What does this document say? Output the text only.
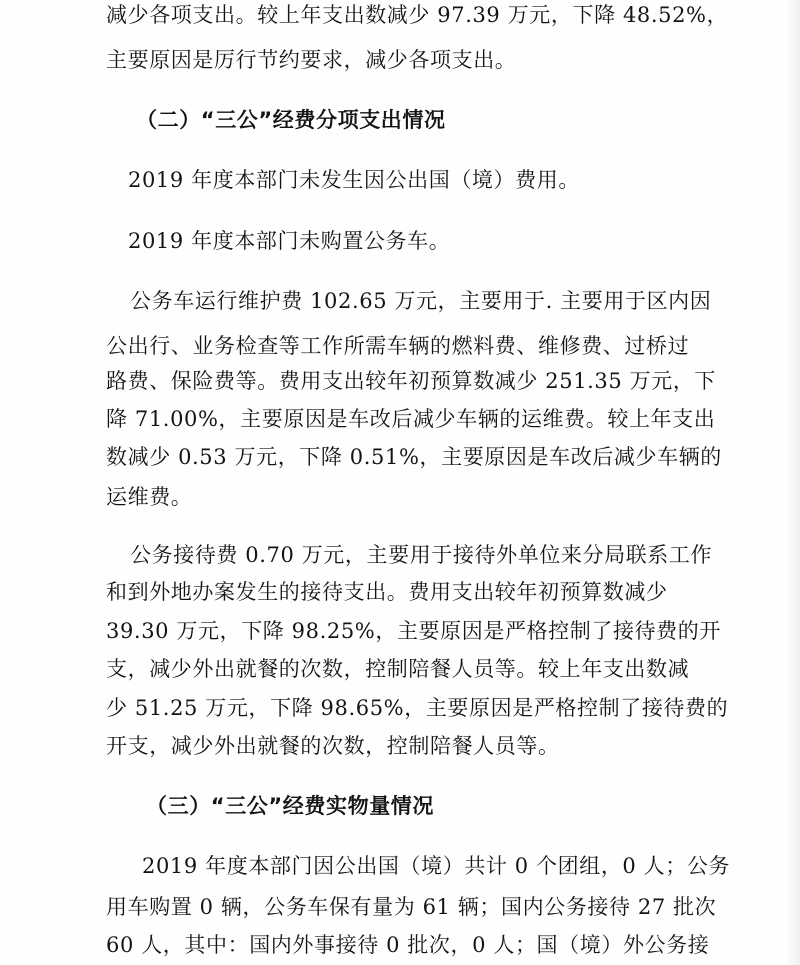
减少各项支出。较上年支出数减少 97.39 万元，下降 48.52%，
主要原因是厉行节约要求，减少各项支出。
（二）“三公”经费分项支出情况
2019 年度本部门未发生因公出国（境）费用。
2019 年度本部门未购置公务车。
公务车运行维护费 102.65 万元，主要用于. 主要用于区内因
公出行、业务检查等工作所需车辆的燃料费、维修费、过桥过
路费、保险费等。费用支出较年初预算数减少 251.35 万元，下
降 71.00%，主要原因是车改后减少车辆的运维费。较上年支出
数减少 0.53 万元，下降 0.51%，主要原因是车改后减少车辆的
运维费。
公务接待费 0.70 万元，主要用于接待外单位来分局联系工作
和到外地办案发生的接待支出。费用支出较年初预算数减少
39.30 万元，下降 98.25%，主要原因是严格控制了接待费的开
支，减少外出就餐的次数，控制陪餐人员等。较上年支出数减
少 51.25 万元，下降 98.65%，主要原因是严格控制了接待费的
开支，减少外出就餐的次数，控制陪餐人员等。
（三）“三公”经费实物量情况
2019 年度本部门因公出国（境）共计 0 个团组，0 人；公务
用车购置 0 辆，公务车保有量为 61 辆；国内公务接待 27 批次
60 人，其中：国内外事接待 0 批次，0 人；国（境）外公务接
